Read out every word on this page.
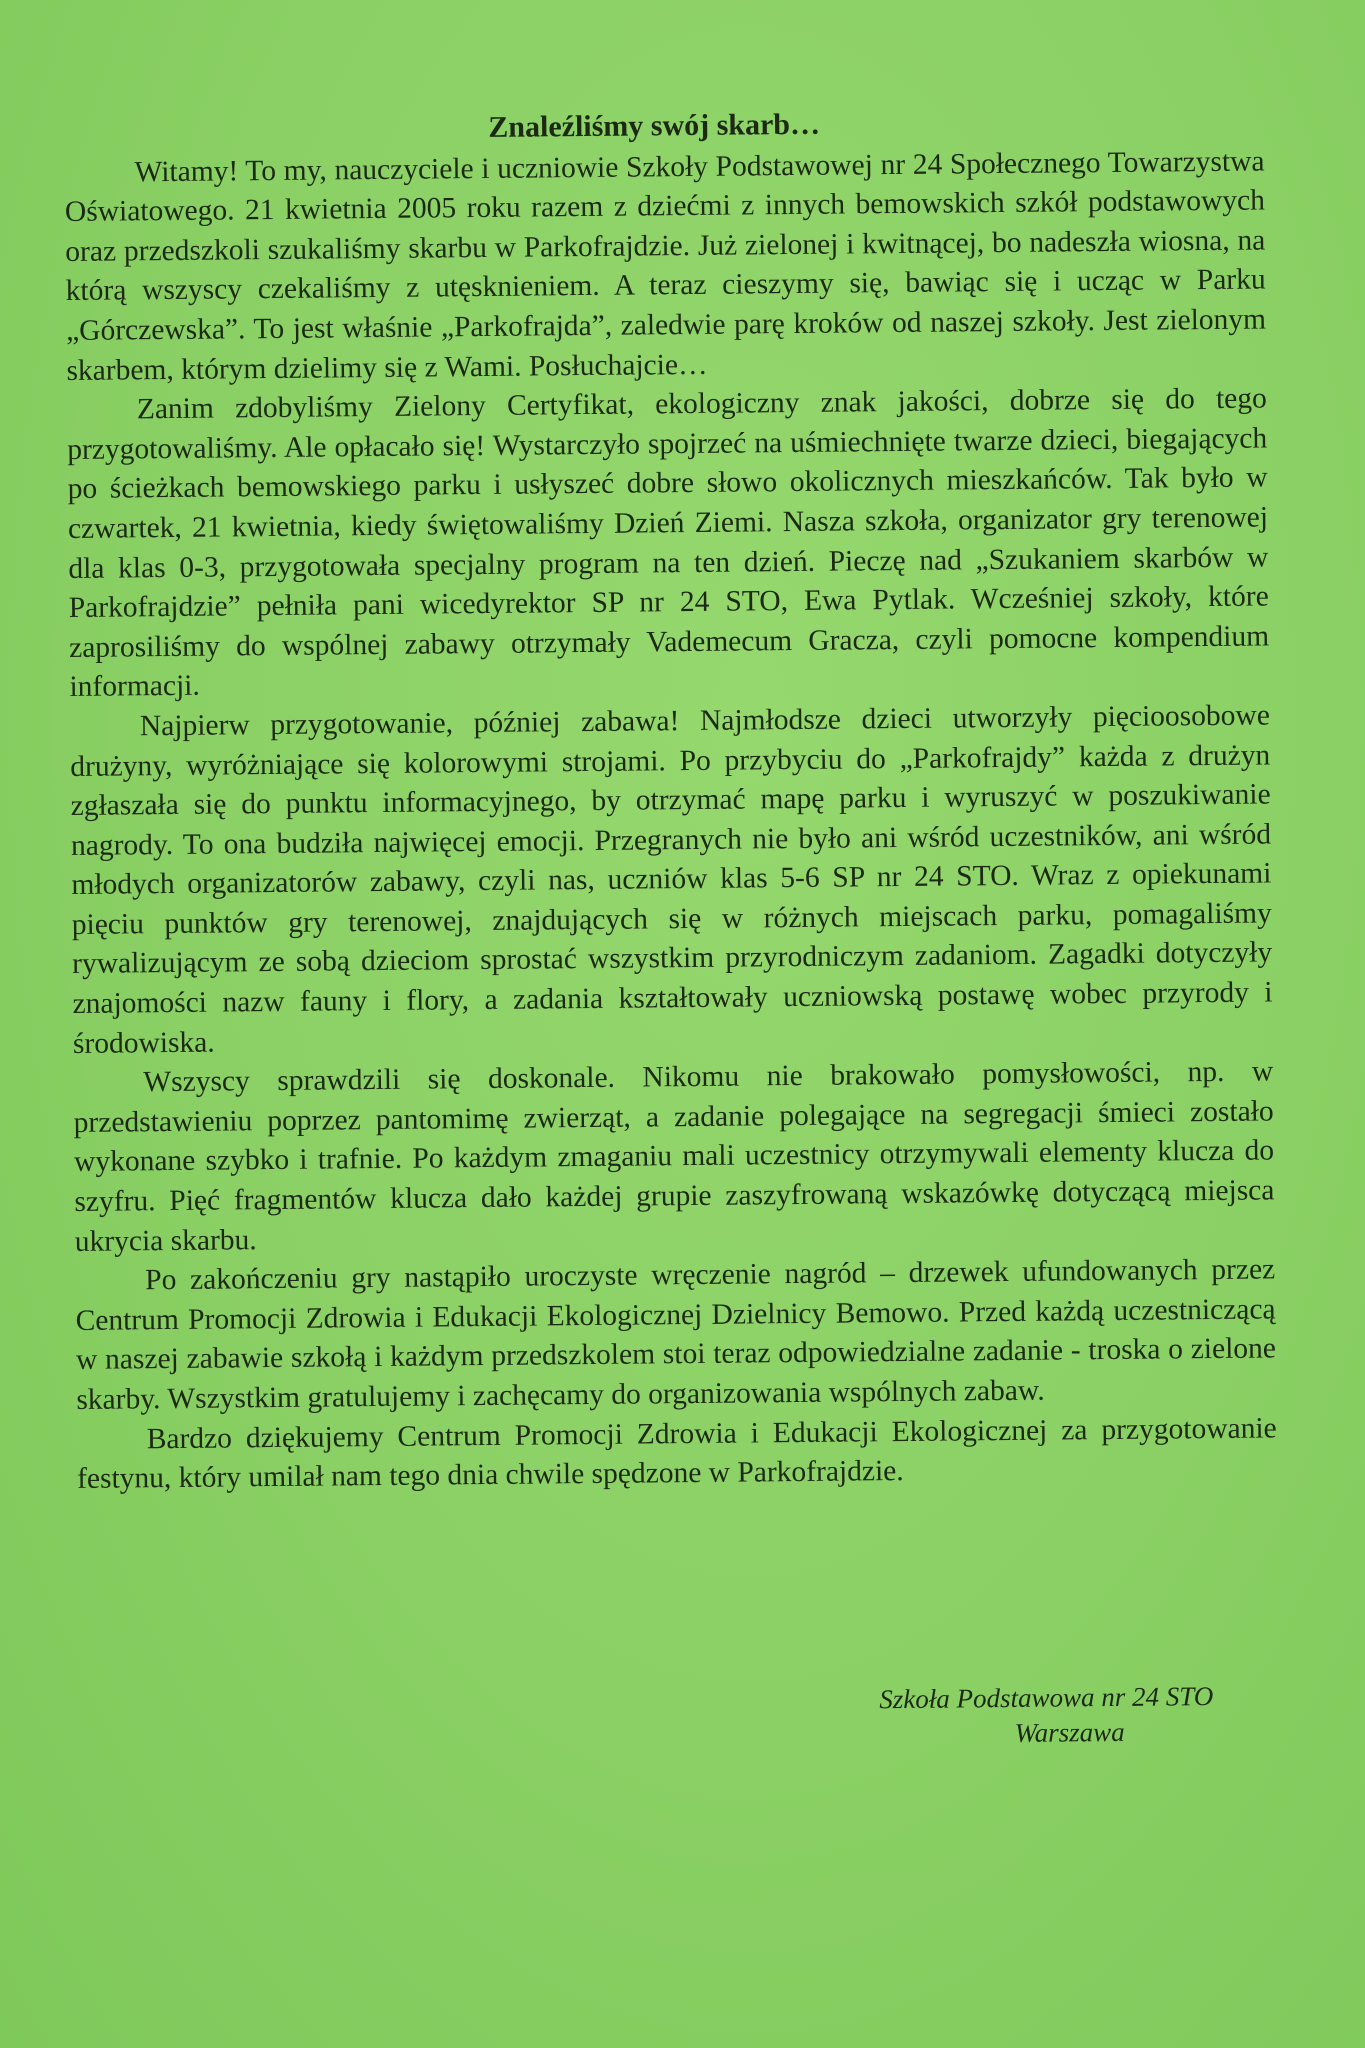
Znaleźliśmy swój skarb…

Witamy! To my, nauczyciele i uczniowie Szkoły Podstawowej nr 24 Społecznego Towarzystwa Oświatowego. 21 kwietnia 2005 roku razem z dziećmi z innych bemowskich szkół podstawowych oraz przedszkoli szukaliśmy skarbu w Parkofrajdzie. Już zielonej i kwitnącej, bo nadeszła wiosna, na którą wszyscy czekaliśmy z utęsknieniem. A teraz cieszymy się, bawiąc się i ucząc w Parku „Górczewska”. To jest właśnie „Parkofrajda”, zaledwie parę kroków od naszej szkoły. Jest zielonym skarbem, którym dzielimy się z Wami. Posłuchajcie…

Zanim zdobyliśmy Zielony Certyfikat, ekologiczny znak jakości, dobrze się do tego przygotowaliśmy. Ale opłacało się! Wystarczyło spojrzeć na uśmiechnięte twarze dzieci, biegających po ścieżkach bemowskiego parku i usłyszeć dobre słowo okolicznych mieszkańców. Tak było w czwartek, 21 kwietnia, kiedy świętowaliśmy Dzień Ziemi. Nasza szkoła, organizator gry terenowej dla klas 0-3, przygotowała specjalny program na ten dzień. Pieczę nad „Szukaniem skarbów w Parkofrajdzie” pełniła pani wicedyrektor SP nr 24 STO, Ewa Pytlak. Wcześniej szkoły, które zaprosiliśmy do wspólnej zabawy otrzymały Vademecum Gracza, czyli pomocne kompendium informacji.

Najpierw przygotowanie, później zabawa! Najmłodsze dzieci utworzyły pięcioosobowe drużyny, wyróżniające się kolorowymi strojami. Po przybyciu do „Parkofrajdy” każda z drużyn zgłaszała się do punktu informacyjnego, by otrzymać mapę parku i wyruszyć w poszukiwanie nagrody. To ona budziła najwięcej emocji. Przegranych nie było ani wśród uczestników, ani wśród młodych organizatorów zabawy, czyli nas, uczniów klas 5-6 SP nr 24 STO. Wraz z opiekunami pięciu punktów gry terenowej, znajdujących się w różnych miejscach parku, pomagaliśmy rywalizującym ze sobą dzieciom sprostać wszystkim przyrodniczym zadaniom. Zagadki dotyczyły znajomości nazw fauny i flory, a zadania kształtowały uczniowską postawę wobec przyrody i środowiska.

Wszyscy sprawdzili się doskonale. Nikomu nie brakowało pomysłowości, np. w przedstawieniu poprzez pantomimę zwierząt, a zadanie polegające na segregacji śmieci zostało wykonane szybko i trafnie. Po każdym zmaganiu mali uczestnicy otrzymywali elementy klucza do szyfru. Pięć fragmentów klucza dało każdej grupie zaszyfrowaną wskazówkę dotyczącą miejsca ukrycia skarbu.

Po zakończeniu gry nastąpiło uroczyste wręczenie nagród – drzewek ufundowanych przez Centrum Promocji Zdrowia i Edukacji Ekologicznej Dzielnicy Bemowo. Przed każdą uczestniczącą w naszej zabawie szkołą i każdym przedszkolem stoi teraz odpowiedzialne zadanie - troska o zielone skarby. Wszystkim gratulujemy i zachęcamy do organizowania wspólnych zabaw.

Bardzo dziękujemy Centrum Promocji Zdrowia i Edukacji Ekologicznej za przygotowanie festynu, który umilał nam tego dnia chwile spędzone w Parkofrajdzie.

Szkoła Podstawowa nr 24 STO
Warszawa
